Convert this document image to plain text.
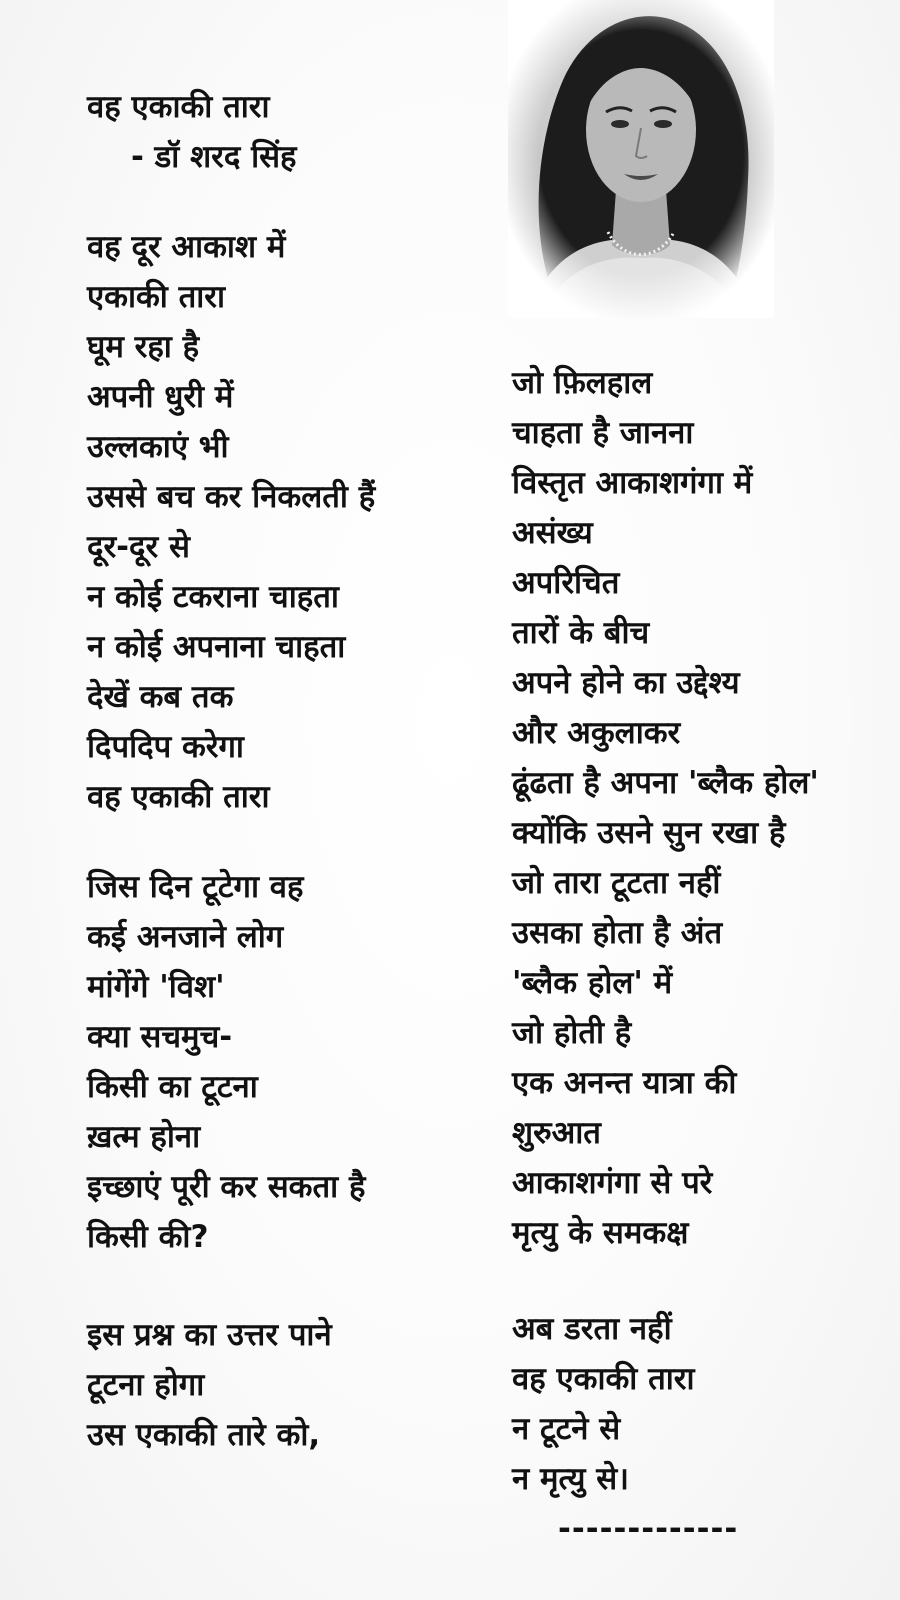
वह एकाकी तारा
- डॉ शरद सिंह
वह दूर आकाश में
एकाकी तारा
घूम रहा है
अपनी धुरी में
उल्लकाएं भी
उससे बच कर निकलती हैं
दूर-दूर से
न कोई टकराना चाहता
न कोई अपनाना चाहता
देखें कब तक
दिपदिप करेगा
वह एकाकी तारा
जिस दिन टूटेगा वह
कई अनजाने लोग
मांगेंगे 'विश'
क्या सचमुच-
किसी का टूटना
ख़त्म होना
इच्छाएं पूरी कर सकता है
किसी की?
इस प्रश्न का उत्तर पाने
टूटना होगा
उस एकाकी तारे को,
जो फ़िलहाल
चाहता है जानना
विस्तृत आकाशगंगा में
असंख्य
अपरिचित
तारों के बीच
अपने होने का उद्देश्य
और अकुलाकर
ढूंढता है अपना 'ब्लैक होल'
क्योंकि उसने सुन रखा है
जो तारा टूटता नहीं
उसका होता है अंत
'ब्लैक होल' में
जो होती है
एक अनन्त यात्रा की
शुरुआत
आकाशगंगा से परे
मृत्यु के समकक्ष
अब डरता नहीं
वह एकाकी तारा
न टूटने से
न मृत्यु से।
-------------
